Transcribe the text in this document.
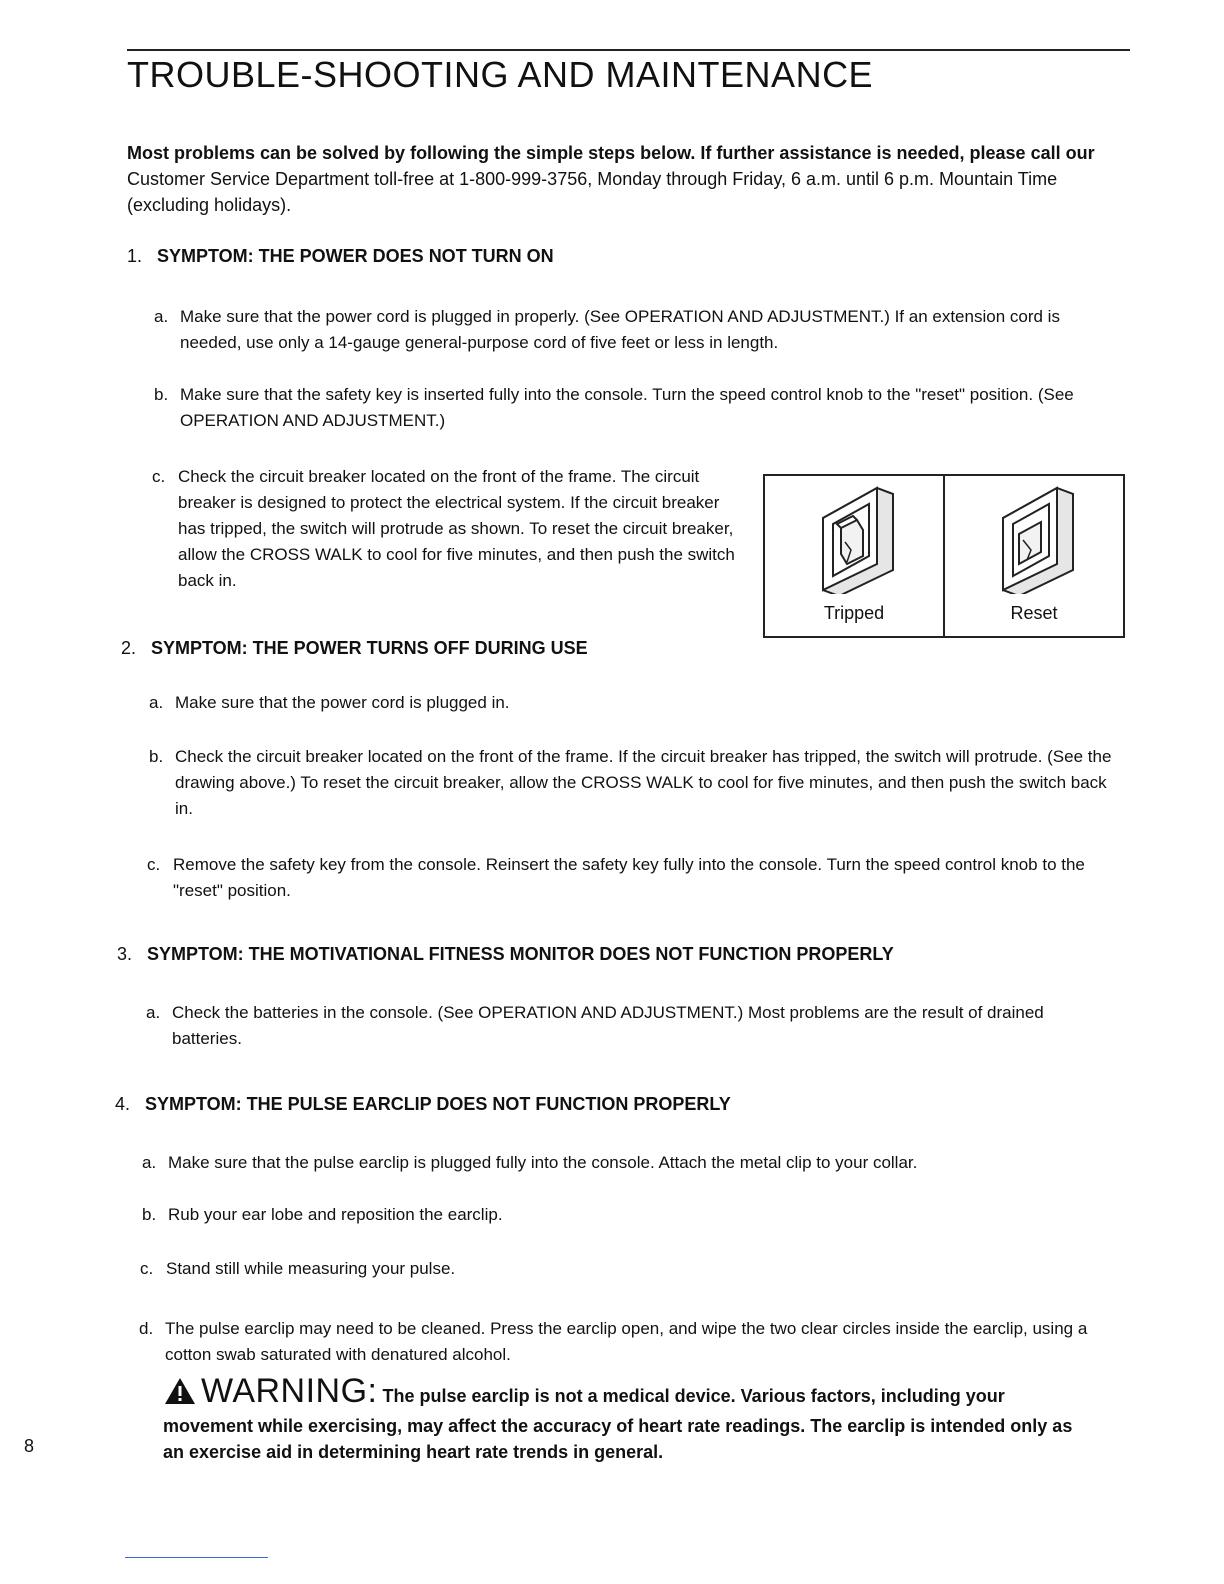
TROUBLE-SHOOTING AND MAINTENANCE
Most problems can be solved by following the simple steps below. If further assistance is needed, please call our Customer Service Department toll-free at 1-800-999-3756, Monday through Friday, 6 a.m. until 6 p.m. Mountain Time (excluding holidays).
1. SYMPTOM: THE POWER DOES NOT TURN ON
a. Make sure that the power cord is plugged in properly. (See OPERATION AND ADJUSTMENT.) If an extension cord is needed, use only a 14-gauge general-purpose cord of five feet or less in length.
b. Make sure that the safety key is inserted fully into the console. Turn the speed control knob to the "reset" position. (See OPERATION AND ADJUSTMENT.)
c. Check the circuit breaker located on the front of the frame. The circuit breaker is designed to protect the electrical system. If the circuit breaker has tripped, the switch will protrude as shown. To reset the circuit breaker, allow the CROSS WALK to cool for five minutes, and then push the switch back in.
Tripped	Reset
2. SYMPTOM: THE POWER TURNS OFF DURING USE
a. Make sure that the power cord is plugged in.
b. Check the circuit breaker located on the front of the frame. If the circuit breaker has tripped, the switch will protrude. (See the drawing above.) To reset the circuit breaker, allow the CROSS WALK to cool for five minutes, and then push the switch back in.
c. Remove the safety key from the console. Reinsert the safety key fully into the console. Turn the speed control knob to the "reset" position.
3. SYMPTOM: THE MOTIVATIONAL FITNESS MONITOR DOES NOT FUNCTION PROPERLY
a. Check the batteries in the console. (See OPERATION AND ADJUSTMENT.) Most problems are the result of drained batteries.
4. SYMPTOM: THE PULSE EARCLIP DOES NOT FUNCTION PROPERLY
a. Make sure that the pulse earclip is plugged fully into the console. Attach the metal clip to your collar.
b. Rub your ear lobe and reposition the earclip.
c. Stand still while measuring your pulse.
d. The pulse earclip may need to be cleaned. Press the earclip open, and wipe the two clear circles inside the earclip, using a cotton swab saturated with denatured alcohol.
WARNING: The pulse earclip is not a medical device. Various factors, including your movement while exercising, may affect the accuracy of heart rate readings. The earclip is intended only as an exercise aid in determining heart rate trends in general.
8
